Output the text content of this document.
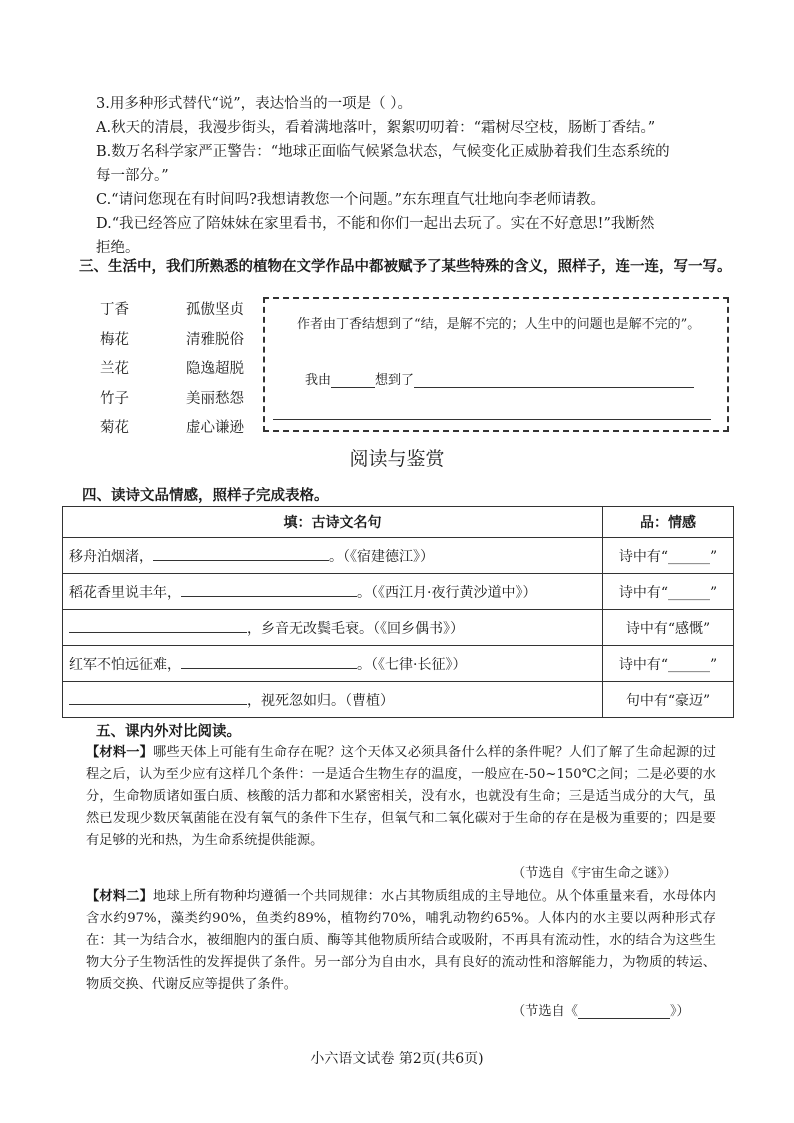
3.用多种形式替代“说”，表达恰当的一项是（ ）。

A.秋天的清晨，我漫步街头，看着满地落叶，絮絮叨叨着：“霜树尽空枝，肠断丁香结。”

B.数万名科学家严正警告：“地球正面临气候紧急状态，气候变化正威胁着我们生态系统的

每一部分。”

C.“请问您现在有时间吗?我想请教您一个问题。”东东理直气壮地向李老师请教。

D.“我已经答应了陪妹妹在家里看书，不能和你们一起出去玩了。实在不好意思!”我断然

拒绝。

三、生活中，我们所熟悉的植物在文学作品中都被赋予了某些特殊的含义，照样子，连一连，写一写。
丁香	孤傲坚贞
梅花	清雅脱俗
兰花	隐逸超脱
竹子	美丽愁怨
菊花	虚心谦逊
作者由丁香结想到了“结，是解不完的；人生中的问题也是解不完的”。
我由	想到了
阅读与鉴赏
四、读诗文品情感，照样子完成表格。
填：古诗文名句	品：情感
移舟泊烟渚， 。（《宿建德江》）	诗中有“______”
稻花香里说丰年， 。（《西江月·夜行黄沙道中》）	诗中有“______”
，乡音无改鬓毛衰。（《回乡偶书》）	诗中有“感慨”
红军不怕远征难， 。（《七律·长征》）	诗中有“______”
，视死忽如归。（曹植）	句中有“豪迈”
五、课内外对比阅读。
【材料一】哪些天体上可能有生命存在呢？这个天体又必须具备什么样的条件呢？人们了解了生命起源的过程之后，认为至少应有这样几个条件：一是适合生物生存的温度，一般应在-50~150℃之间；二是必要的水分，生命物质诸如蛋白质、核酸的活力都和水紧密相关，没有水，也就没有生命；三是适当成分的大气，虽然已发现少数厌氧菌能在没有氧气的条件下生存，但氧气和二氧化碳对于生命的存在是极为重要的；四是要有足够的光和热，为生命系统提供能源。
（节选自《宇宙生命之谜》）
【材料二】地球上所有物种均遵循一个共同规律：水占其物质组成的主导地位。从个体重量来看，水母体内含水约97%，藻类约90%，鱼类约89%，植物约70%，哺乳动物约65%。人体内的水主要以两种形式存在：其一为结合水，被细胞内的蛋白质、酶等其他物质所结合或吸附，不再具有流动性，水的结合为这些生物大分子生物活性的发挥提供了条件。另一部分为自由水，具有良好的流动性和溶解能力，为物质的转运、物质交换、代谢反应等提供了条件。
（节选自《	》）
小六语文试卷 第2页(共6页)
